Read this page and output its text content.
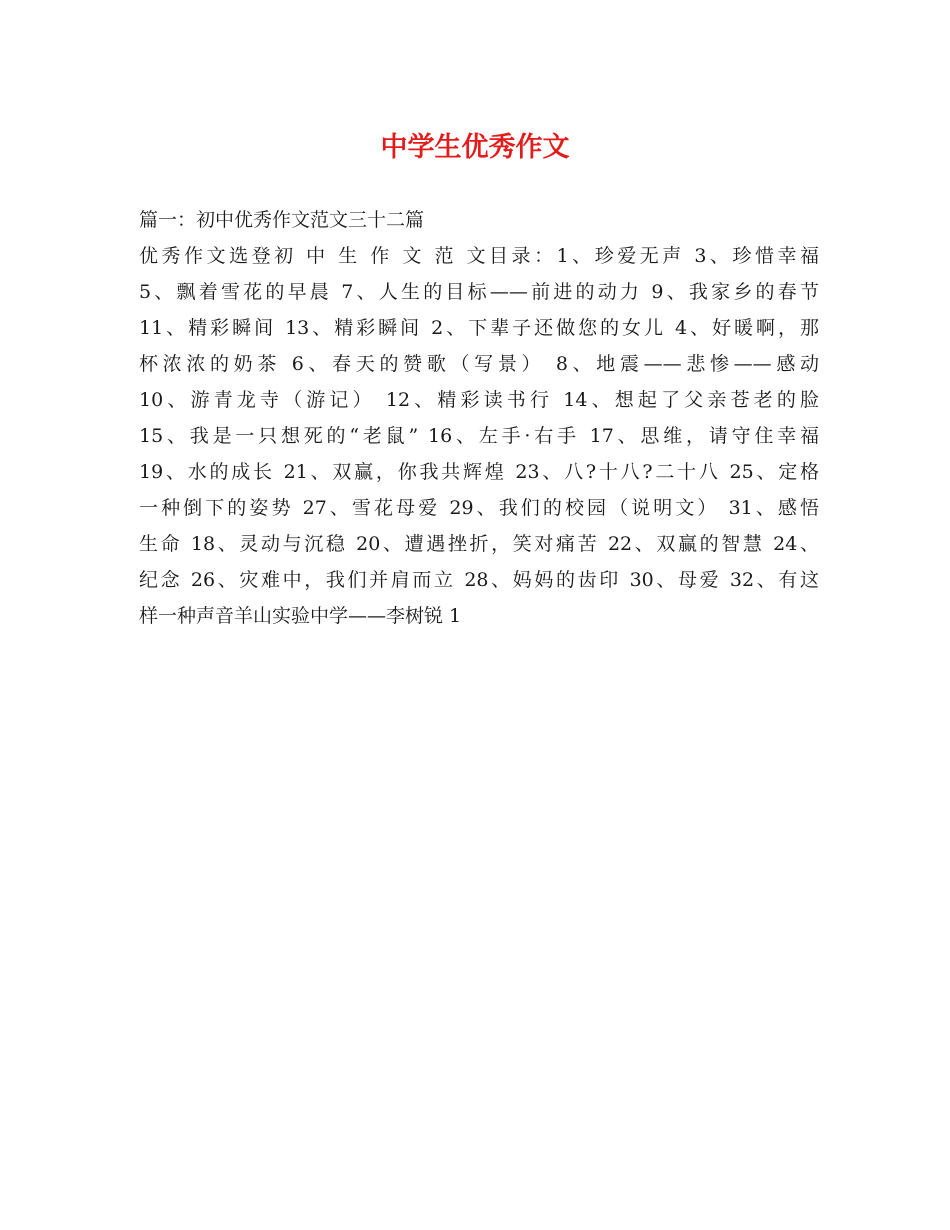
中学生优秀作文

篇一：初中优秀作文范文三十二篇

优秀作文选登初 中 生 作 文 范 文目录：1、珍爱无声 3、珍惜幸福
5、飘着雪花的早晨 7、人生的目标——前进的动力 9、我家乡的春节
11、精彩瞬间 13、精彩瞬间 2、下辈子还做您的女儿 4、好暖啊，那
杯浓浓的奶茶 6、春天的赞歌（写景） 8、地震——悲惨——感动
10、游青龙寺（游记） 12、精彩读书行 14、想起了父亲苍老的脸
15、我是一只想死的“老鼠” 16、左手·右手 17、思维，请守住幸福
19、水的成长 21、双赢，你我共辉煌 23、八?十八?二十八 25、定格
一种倒下的姿势 27、雪花母爱 29、我们的校园（说明文） 31、感悟
生命 18、灵动与沉稳 20、遭遇挫折，笑对痛苦 22、双赢的智慧 24、
纪念 26、灾难中，我们并肩而立 28、妈妈的齿印 30、母爱 32、有这
样一种声音羊山实验中学——李树锐 1
